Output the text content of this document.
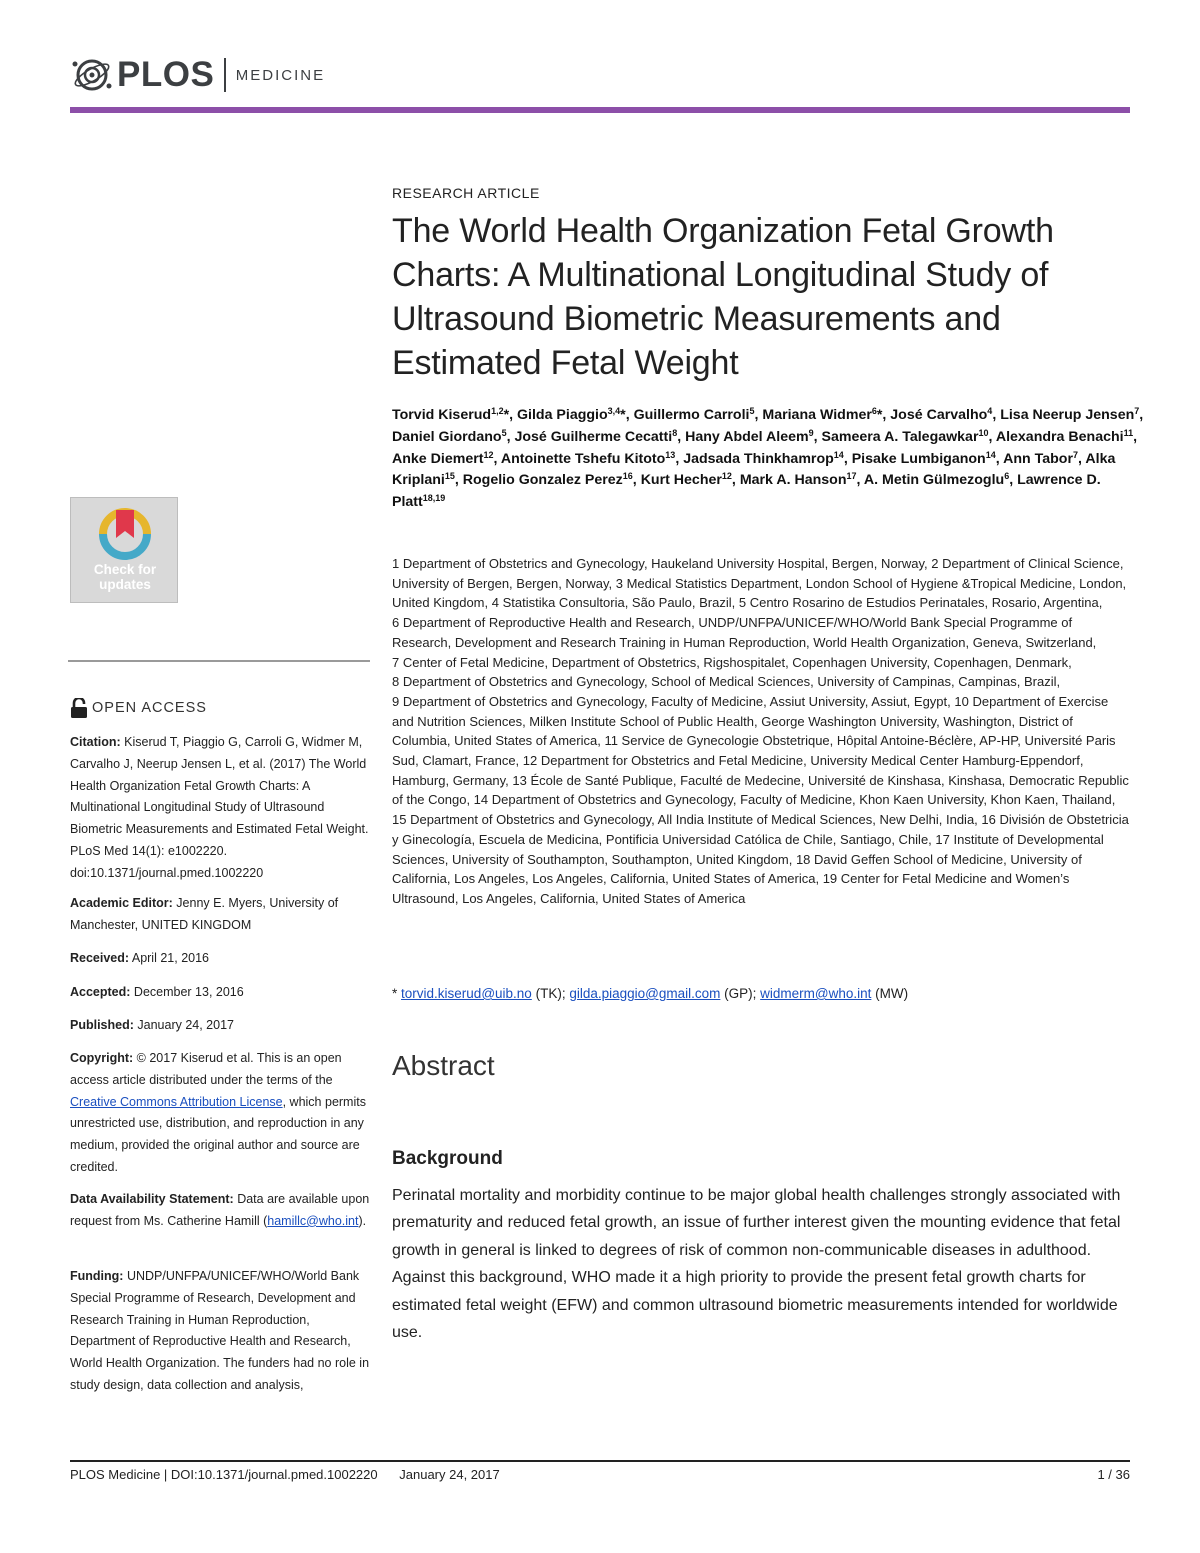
PLOS MEDICINE
Check for
updates
OPEN ACCESS
Citation: Kiserud T, Piaggio G, Carroli G, Widmer M, Carvalho J, Neerup Jensen L, et al. (2017) The World Health Organization Fetal Growth Charts: A Multinational Longitudinal Study of Ultrasound Biometric Measurements and Estimated Fetal Weight. PLoS Med 14(1): e1002220. doi:10.1371/journal.pmed.1002220
Academic Editor: Jenny E. Myers, University of Manchester, UNITED KINGDOM
Received: April 21, 2016
Accepted: December 13, 2016
Published: January 24, 2017
Copyright: © 2017 Kiserud et al. This is an open access article distributed under the terms of the Creative Commons Attribution License, which permits unrestricted use, distribution, and reproduction in any medium, provided the original author and source are credited.
Data Availability Statement: Data are available upon request from Ms. Catherine Hamill (hamillc@who.int).
Funding: UNDP/UNFPA/UNICEF/WHO/World Bank Special Programme of Research, Development and Research Training in Human Reproduction, Department of Reproductive Health and Research, World Health Organization. The funders had no role in study design, data collection and analysis,
RESEARCH ARTICLE
The World Health Organization Fetal Growth Charts: A Multinational Longitudinal Study of Ultrasound Biometric Measurements and Estimated Fetal Weight
Torvid Kiserud$^{1,2}$*, Gilda Piaggio$^{3,4}$*, Guillermo Carroli$^5$, Mariana Widmer$^6$*, José Carvalho$^4$, Lisa Neerup Jensen$^7$, Daniel Giordano$^5$, José Guilherme Cecatti$^8$, Hany Abdel Aleem$^9$, Sameera A. Talegawkar$^{10}$, Alexandra Benachi$^{11}$, Anke Diemert$^{12}$, Antoinette Tshefu Kitoto$^{13}$, Jadsada Thinkhamrop$^{14}$, Pisake Lumbiganon$^{14}$, Ann Tabor$^7$, Alka Kriplani$^{15}$, Rogelio Gonzalez Perez$^{16}$, Kurt Hecher$^{12}$, Mark A. Hanson$^{17}$, A. Metin Gülmezoglu$^6$, Lawrence D. Platt$^{18,19}$
1 Department of Obstetrics and Gynecology, Haukeland University Hospital, Bergen, Norway, 2 Department of Clinical Science, University of Bergen, Bergen, Norway, 3 Medical Statistics Department, London School of Hygiene &Tropical Medicine, London, United Kingdom, 4 Statistika Consultoria, São Paulo, Brazil, 5 Centro Rosarino de Estudios Perinatales, Rosario, Argentina, 6 Department of Reproductive Health and Research, UNDP/UNFPA/UNICEF/WHO/World Bank Special Programme of Research, Development and Research Training in Human Reproduction, World Health Organization, Geneva, Switzerland, 7 Center of Fetal Medicine, Department of Obstetrics, Rigshospitalet, Copenhagen University, Copenhagen, Denmark, 8 Department of Obstetrics and Gynecology, School of Medical Sciences, University of Campinas, Campinas, Brazil, 9 Department of Obstetrics and Gynecology, Faculty of Medicine, Assiut University, Assiut, Egypt, 10 Department of Exercise and Nutrition Sciences, Milken Institute School of Public Health, George Washington University, Washington, District of Columbia, United States of America, 11 Service de Gynecologie Obstetrique, Hôpital Antoine-Béclère, AP-HP, Université Paris Sud, Clamart, France, 12 Department for Obstetrics and Fetal Medicine, University Medical Center Hamburg-Eppendorf, Hamburg, Germany, 13 École de Santé Publique, Faculté de Medecine, Université de Kinshasa, Kinshasa, Democratic Republic of the Congo, 14 Department of Obstetrics and Gynecology, Faculty of Medicine, Khon Kaen University, Khon Kaen, Thailand, 15 Department of Obstetrics and Gynecology, All India Institute of Medical Sciences, New Delhi, India, 16 División de Obstetricia y Ginecología, Escuela de Medicina, Pontificia Universidad Católica de Chile, Santiago, Chile, 17 Institute of Developmental Sciences, University of Southampton, Southampton, United Kingdom, 18 David Geffen School of Medicine, University of California, Los Angeles, Los Angeles, California, United States of America, 19 Center for Fetal Medicine and Women’s Ultrasound, Los Angeles, California, United States of America
* torvid.kiserud@uib.no (TK); gilda.piaggio@gmail.com (GP); widmerm@who.int (MW)
Abstract
Background
Perinatal mortality and morbidity continue to be major global health challenges strongly associated with prematurity and reduced fetal growth, an issue of further interest given the mounting evidence that fetal growth in general is linked to degrees of risk of common non-communicable diseases in adulthood. Against this background, WHO made it a high priority to provide the present fetal growth charts for estimated fetal weight (EFW) and common ultrasound biometric measurements intended for worldwide use.
PLOS Medicine | DOI:10.1371/journal.pmed.1002220 January 24, 2017	1 / 36
